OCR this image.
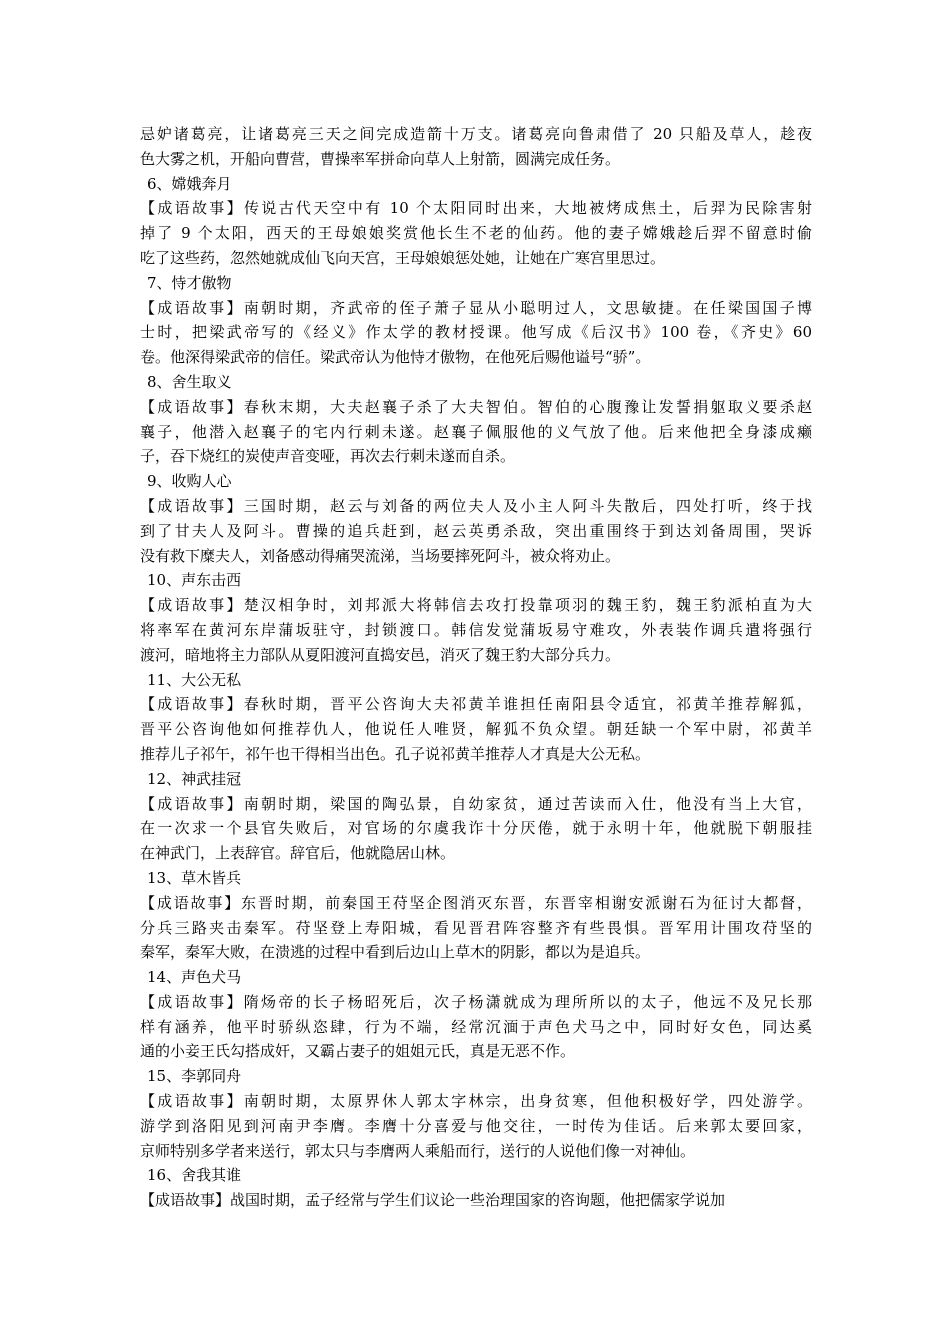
忌妒诸葛亮，让诸葛亮三天之间完成造箭十万支。诸葛亮向鲁肃借了 20 只船及草人，趁夜
色大雾之机，开船向曹营，曹操率军拼命向草人上射箭，圆满完成任务。
6、嫦娥奔月
【成语故事】传说古代天空中有 10 个太阳同时出来，大地被烤成焦土，后羿为民除害射
掉了 9 个太阳，西天的王母娘娘奖赏他长生不老的仙药。他的妻子嫦娥趁后羿不留意时偷
吃了这些药，忽然她就成仙飞向天宫，王母娘娘惩处她，让她在广寒宫里思过。
7、恃才傲物
【成语故事】南朝时期，齐武帝的侄子萧子显从小聪明过人，文思敏捷。在任梁国国子博
士时，把梁武帝写的《经义》作太学的教材授课。他写成《后汉书》100 卷，《齐史》60
卷。他深得梁武帝的信任。梁武帝认为他恃才傲物，在他死后赐他谥号“骄”。
8、舍生取义
【成语故事】春秋末期，大夫赵襄子杀了大夫智伯。智伯的心腹豫让发誓捐躯取义要杀赵
襄子，他潜入赵襄子的宅内行刺未遂。赵襄子佩服他的义气放了他。后来他把全身漆成癞
子，吞下烧红的炭使声音变哑，再次去行刺未遂而自杀。
9、收购人心
【成语故事】三国时期，赵云与刘备的两位夫人及小主人阿斗失散后，四处打听，终于找
到了甘夫人及阿斗。曹操的追兵赶到，赵云英勇杀敌，突出重围终于到达刘备周围，哭诉
没有救下糜夫人，刘备感动得痛哭流涕，当场要摔死阿斗，被众将劝止。
10、声东击西
【成语故事】楚汉相争时，刘邦派大将韩信去攻打投靠项羽的魏王豹，魏王豹派柏直为大
将率军在黄河东岸蒲坂驻守，封锁渡口。韩信发觉蒲坂易守难攻，外表装作调兵遣将强行
渡河，暗地将主力部队从夏阳渡河直捣安邑，消灭了魏王豹大部分兵力。
11、大公无私
【成语故事】春秋时期，晋平公咨询大夫祁黄羊谁担任南阳县令适宜，祁黄羊推荐解狐，
晋平公咨询他如何推荐仇人，他说任人唯贤，解狐不负众望。朝廷缺一个军中尉，祁黄羊
推荐儿子祁午，祁午也干得相当出色。孔子说祁黄羊推荐人才真是大公无私。
12、神武挂冠
【成语故事】南朝时期，梁国的陶弘景，自幼家贫，通过苦读而入仕，他没有当上大官，
在一次求一个县官失败后，对官场的尔虞我诈十分厌倦，就于永明十年，他就脱下朝服挂
在神武门，上表辞官。辞官后，他就隐居山林。
13、草木皆兵
【成语故事】东晋时期，前秦国王苻坚企图消灭东晋，东晋宰相谢安派谢石为征讨大都督，
分兵三路夹击秦军。苻坚登上寿阳城，看见晋君阵容整齐有些畏惧。晋军用计围攻苻坚的
秦军，秦军大败，在溃逃的过程中看到后边山上草木的阴影，都以为是追兵。
14、声色犬马
【成语故事】隋炀帝的长子杨昭死后，次子杨潇就成为理所所以的太子，他远不及兄长那
样有涵养，他平时骄纵恣肆，行为不端，经常沉湎于声色犬马之中，同时好女色，同达奚
通的小妾王氏勾搭成奸，又霸占妻子的姐姐元氏，真是无恶不作。
15、李郭同舟
【成语故事】南朝时期，太原界休人郭太字林宗，出身贫寒，但他积极好学，四处游学。
游学到洛阳见到河南尹李膺。李膺十分喜爱与他交往，一时传为佳话。后来郭太要回家，
京师特别多学者来送行，郭太只与李膺两人乘船而行，送行的人说他们像一对神仙。
16、舍我其谁
【成语故事】战国时期，孟子经常与学生们议论一些治理国家的咨询题，他把儒家学说加
